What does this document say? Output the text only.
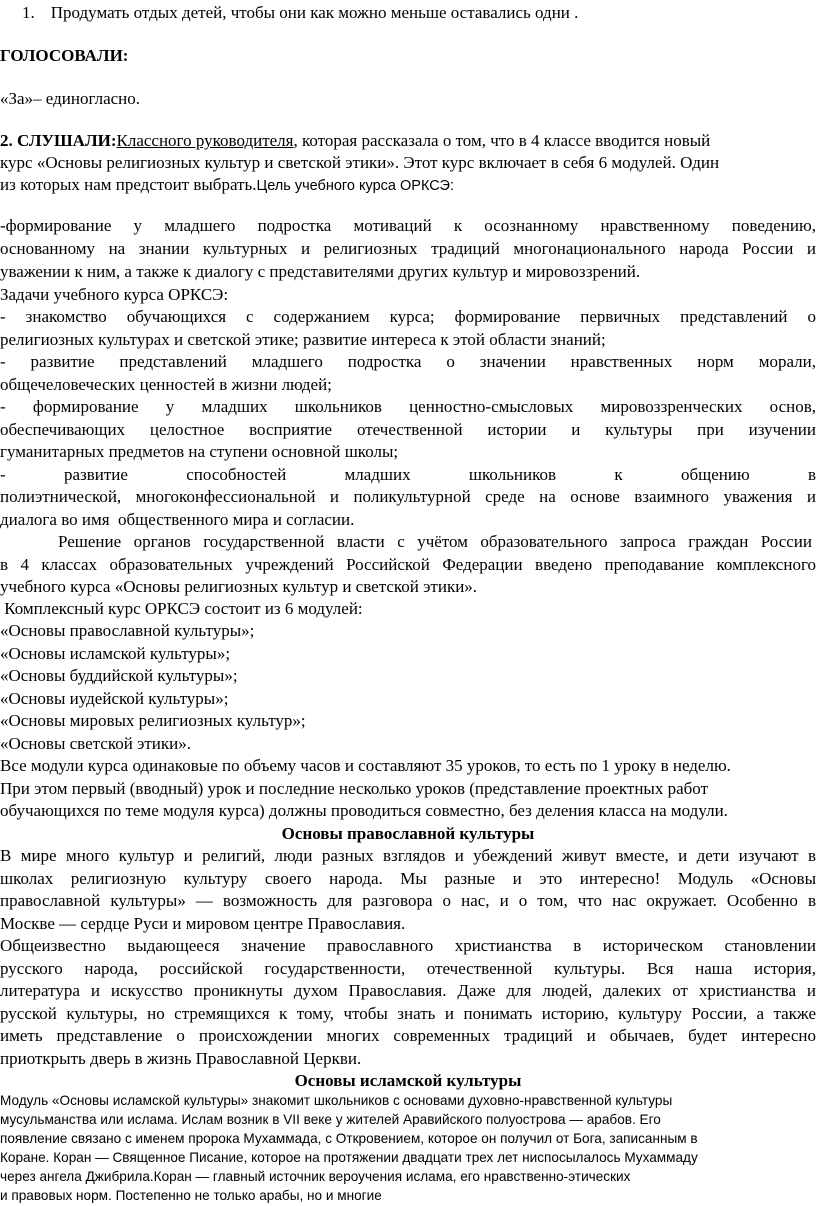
1. Продумать отдых детей, чтобы они как можно меньше оставались одни .
ГОЛОСОВАЛИ:
«За»– единогласно.
2. СЛУШАЛИ:Классного руководителя, которая рассказала о том, что в 4 классе вводится новый
курс «Основы религиозных культур и светской этики». Этот курс включает в себя 6 модулей. Один
из которых нам предстоит выбрать.Цель учебного курса ОРКСЭ:
-формирование у младшего подростка мотиваций к осознанному нравственному поведению,
основанному на знании культурных и религиозных традиций многонационального народа России и
уважении к ним, а также к диалогу с представителями других культур и мировоззрений.
Задачи учебного курса ОРКСЭ:
- знакомство обучающихся с содержанием курса; формирование первичных представлений о
религиозных культурах и светской этике; развитие интереса к этой области знаний;
- развитие представлений младшего подростка о значении нравственных норм морали,
общечеловеческих ценностей в жизни людей;
- формирование у младших школьников ценностно-смысловых мировоззренческих основ,
обеспечивающих целостное восприятие отечественной истории и культуры при изучении
гуманитарных предметов на ступени основной школы;
- развитие способностей младших школьников к общению в
полиэтнической, многоконфессиональной и поликультурной среде на основе взаимного уважения и
диалога во имя  общественного мира и согласии.
Решение органов государственной власти с учётом образовательного запроса граждан России
в 4 классах образовательных учреждений Российской Федерации введено преподавание комплексного
учебного курса «Основы религиозных культур и светской этики».
Комплексный курс ОРКСЭ состоит из 6 модулей:
«Основы православной культуры»;
«Основы исламской культуры»;
«Основы буддийской культуры»;
«Основы иудейской культуры»;
«Основы мировых религиозных культур»;
«Основы светской этики».
Все модули курса одинаковые по объему часов и составляют 35 уроков, то есть по 1 уроку в неделю.
При этом первый (вводный) урок и последние несколько уроков (представление проектных работ
обучающихся по теме модуля курса) должны проводиться совместно, без деления класса на модули.
Основы православной культуры
В мире много культур и религий, люди разных взглядов и убеждений живут вместе, и дети изучают в
школах религиозную культуру своего народа. Мы разные и это интересно! Модуль «Основы
православной культуры» — возможность для разговора о нас, и о том, что нас окружает. Особенно в
Москве — сердце Руси и мировом центре Православия.
Общеизвестно выдающееся значение православного христианства в историческом становлении
русского народа, российской государственности, отечественной культуры. Вся наша история,
литература и искусство проникнуты духом Православия. Даже для людей, далеких от христианства и
русской культуры, но стремящихся к тому, чтобы знать и понимать историю, культуру России, а также
иметь представление о происхождении многих современных традиций и обычаев, будет интересно
приоткрыть дверь в жизнь Православной Церкви.
Основы исламской культуры
Модуль «Основы исламской культуры» знакомит школьников с основами духовно-нравственной культуры
мусульманства или ислама. Ислам возник в VII веке у жителей Аравийского полуострова — арабов. Его
появление связано с именем пророка Мухаммада, с Откровением, которое он получил от Бога, записанным в
Коране. Коран — Священное Писание, которое на протяжении двадцати трех лет ниспосылалось Мухаммаду
через ангела Джибрила.Коран — главный источник вероучения ислама, его нравственно-этических
и правовых норм. Постепенно не только арабы, но и многие
